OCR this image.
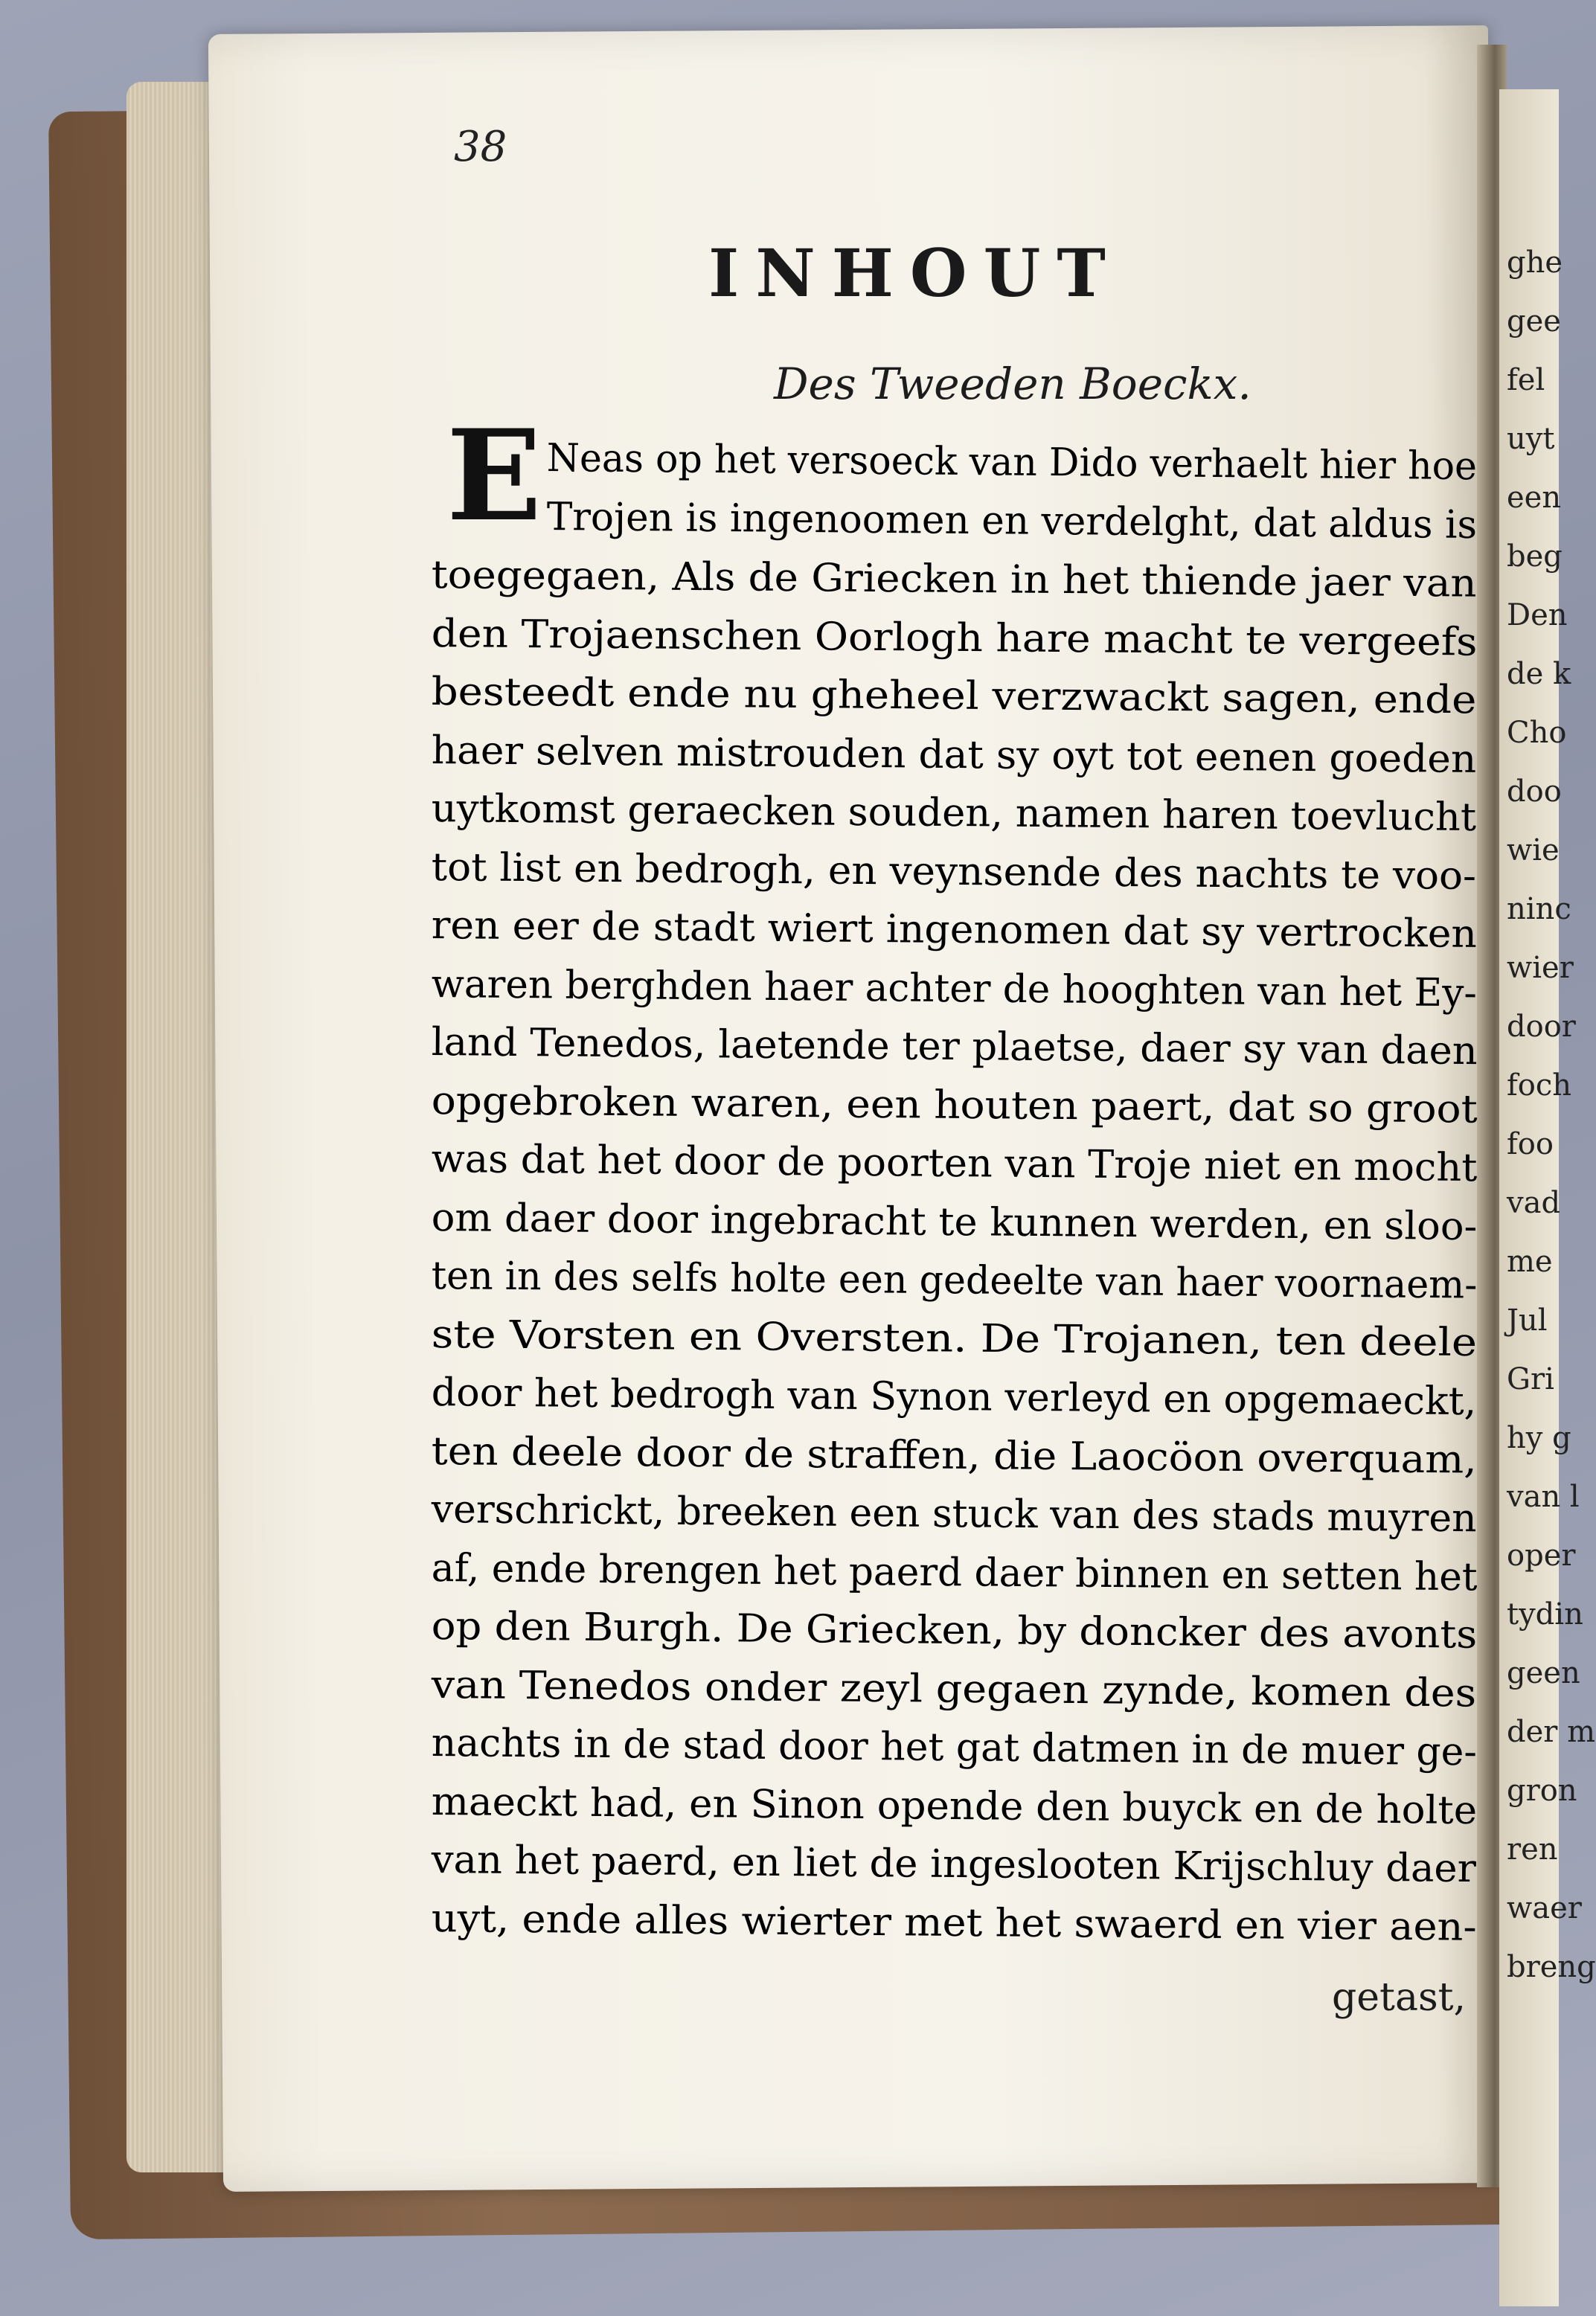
ghe
gee
fel
uyt
een
beg
Den
de k
Cho
doo
wie
ninc
wier
door
foch
foo
vad
me
Jul
Gri
hy g
van l
oper
tydin
geen
der m
gron
ren
waer
breng
38
INHOUT
Des Tweeden Boeckx.
E Neas op het versoeck van Dido verhaelt hier hoe
Trojen is ingenoomen en verdelght, dat aldus is
toegegaen, Als de Griecken in het thiende jaer van
den Trojaenschen Oorlogh hare macht te vergeefs
besteedt ende nu gheheel verzwackt sagen, ende
haer selven mistrouden dat sy oyt tot eenen goeden
uytkomst geraecken souden, namen haren toevlucht
tot list en bedrogh, en veynsende des nachts te voo-
ren eer de stadt wiert ingenomen dat sy vertrocken
waren berghden haer achter de hooghten van het Ey-
land Tenedos, laetende ter plaetse, daer sy van daen
opgebroken waren, een houten paert, dat so groot
was dat het door de poorten van Troje niet en mocht
om daer door ingebracht te kunnen werden, en sloo-
ten in des selfs holte een gedeelte van haer voornaem-
ste Vorsten en Oversten. De Trojanen, ten deele
door het bedrogh van Synon verleyd en opgemaeckt,
ten deele door de straffen, die Laocöon overquam,
verschrickt, breeken een stuck van des stads muyren
af, ende brengen het paerd daer binnen en setten het
op den Burgh. De Griecken, by doncker des avonts
van Tenedos onder zeyl gegaen zynde, komen des
nachts in de stad door het gat datmen in de muer ge-
maeckt had, en Sinon opende den buyck en de holte
van het paerd, en liet de ingeslooten Krijschluy daer
uyt, ende alles wierter met het swaerd en vier aen-
getast,
